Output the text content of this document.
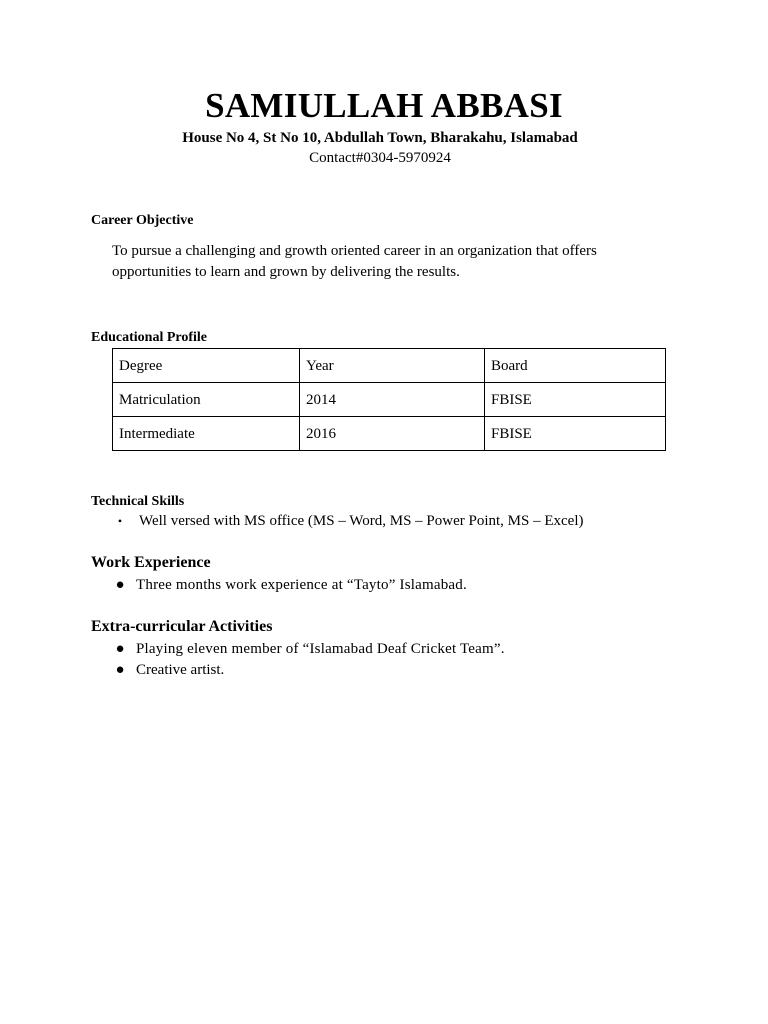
SAMIULLAH ABBASI
House No 4, St No 10, Abdullah Town, Bharakahu, Islamabad
Contact#0304-5970924
Career Objective

To pursue a challenging and growth oriented career in an organization that offers opportunities to learn and grown by delivering the results.

Educational Profile
Degree	Year	Board
Matriculation	2014	FBISE
Intermediate	2016	FBISE
Technical Skills
•	Well versed with MS office (MS – Word, MS – Power Point, MS – Excel)
Work Experience
● Three months work experience at “Tayto” Islamabad.
Extra-curricular Activities
● Playing eleven member of “Islamabad Deaf Cricket Team”.
● Creative artist.
